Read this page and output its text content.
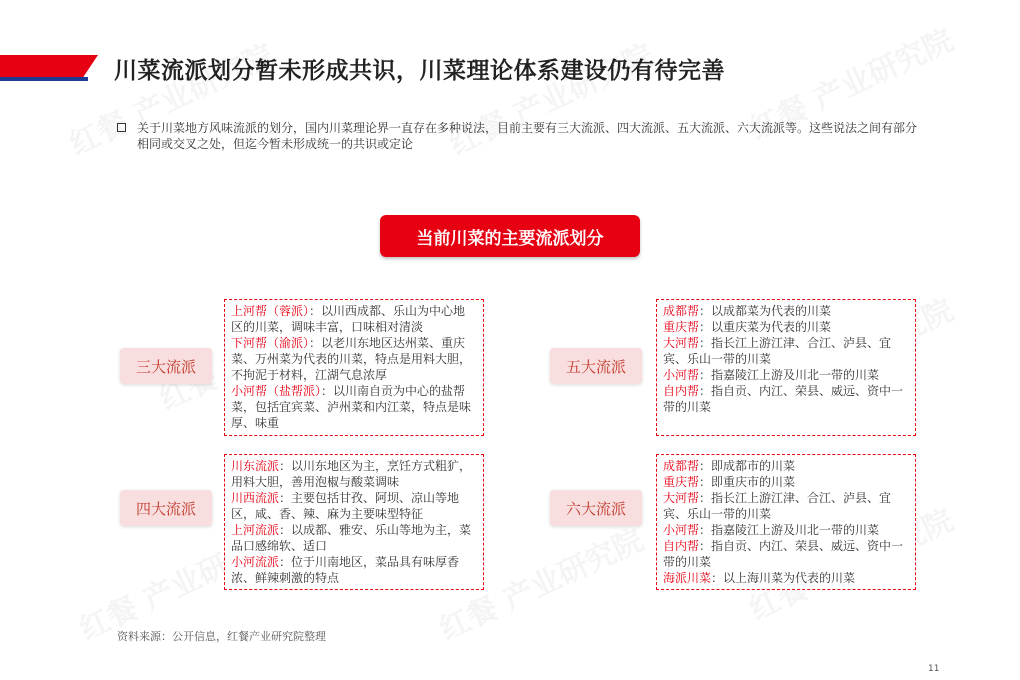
川菜流派划分暂未形成共识，川菜理论体系建设仍有待完善
关于川菜地方风味流派的划分，国内川菜理论界一直存在多种说法，目前主要有三大流派、四大流派、五大流派、六大流派等。这些说法之间有部分相同或交叉之处，但迄今暂未形成统一的共识或定论
当前川菜的主要流派划分
三大流派	五大流派
四大流派	六大流派
上河帮（蓉派）：以川西成都、乐山为中心地区的川菜，调味丰富，口味相对清淡
下河帮（渝派）：以老川东地区达州菜、重庆菜、万州菜为代表的川菜，特点是用料大胆，不拘泥于材料，江湖气息浓厚
小河帮（盐帮派）：以川南自贡为中心的盐帮菜，包括宜宾菜、泸州菜和内江菜，特点是味厚、味重
成都帮：以成都菜为代表的川菜
重庆帮：以重庆菜为代表的川菜
大河帮：指长江上游江津、合江、泸县、宜宾、乐山一带的川菜
小河帮：指嘉陵江上游及川北一带的川菜
自内帮：指自贡、内江、荣县、威远、资中一带的川菜
川东流派：以川东地区为主，烹饪方式粗犷，用料大胆，善用泡椒与酸菜调味
川西流派：主要包括甘孜、阿坝、凉山等地区，咸、香、辣、麻为主要味型特征
上河流派：以成都、雅安、乐山等地为主，菜品口感绵软、适口
小河流派：位于川南地区，菜品具有味厚香浓、鲜辣刺激的特点
成都帮：即成都市的川菜
重庆帮：即重庆市的川菜
大河帮：指长江上游江津、合江、泸县、宜宾、乐山一带的川菜
小河帮：指嘉陵江上游及川北一带的川菜
自内帮：指自贡、内江、荣县、威远、资中一带的川菜
海派川菜：以上海川菜为代表的川菜
资料来源：公开信息，红餐产业研究院整理
11
